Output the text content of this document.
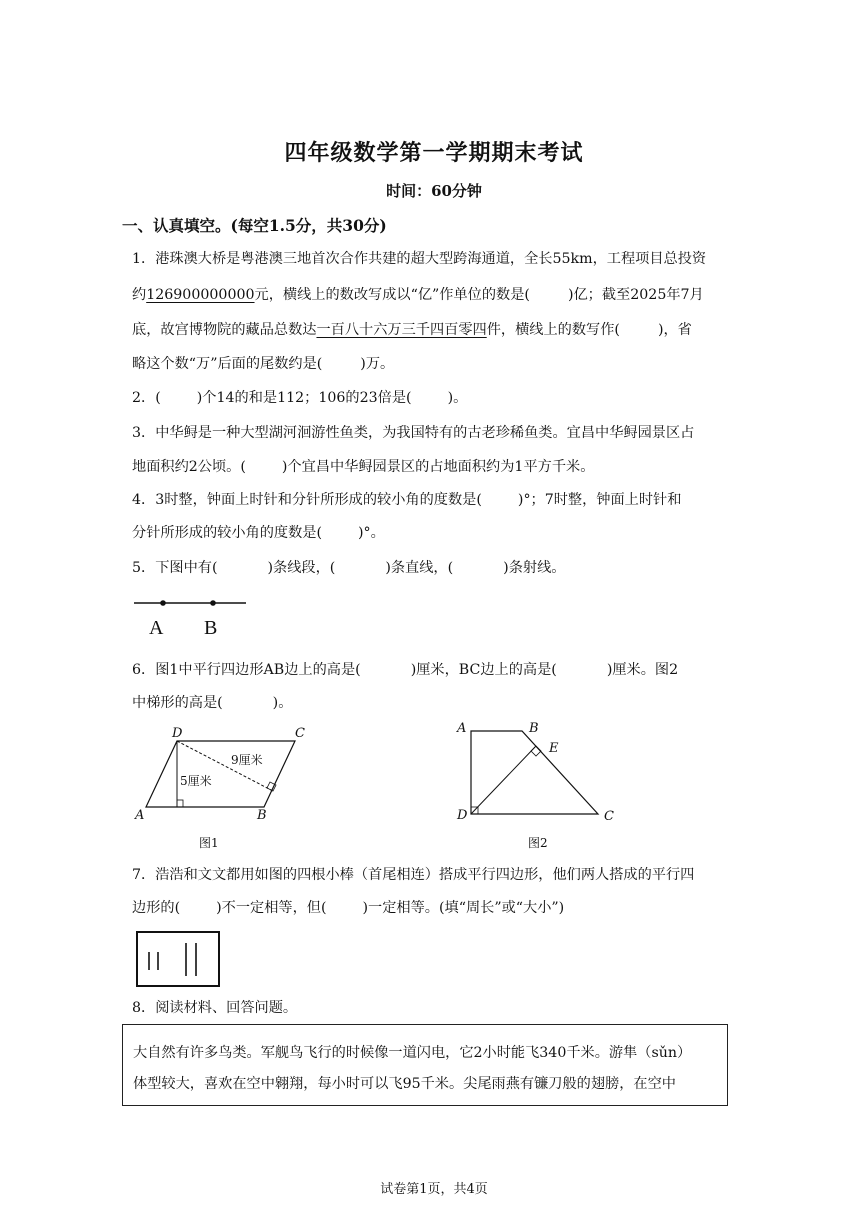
四年级数学第一学期期末考试
时间：60分钟
一、认真填空。(每空1.5分，共30分)
1．港珠澳大桥是粤港澳三地首次合作共建的超大型跨海通道，全长55km，工程项目总投资
约126900000000元，横线上的数改写成以“亿”作单位的数是(	)亿；截至2025年7月
底，故宫博物院的藏品总数达一百八十六万三千四百零四件，横线上的数写作(	)，省
略这个数“万”后面的尾数约是(	)万。
2．(	)个14的和是112；106的23倍是(	)。
3．中华鲟是一种大型湖河洄游性鱼类，为我国特有的古老珍稀鱼类。宜昌中华鲟园景区占
地面积约2公顷。(	)个宜昌中华鲟园景区的占地面积约为1平方千米。
4．3时整，钟面上时针和分针所形成的较小角的度数是(	)°；7时整，钟面上时针和
分针所形成的较小角的度数是(	)°。
5．下图中有(	)条线段，(	)条直线，(	)条射线。
A B
6．图1中平行四边形AB边上的高是(	)厘米，BC边上的高是(	)厘米。图2
中梯形的高是(	)。
D	C
A	B
9厘米
5厘米
图1
A	B
E
D	C
图2
7．浩浩和文文都用如图的四根小棒（首尾相连）搭成平行四边形，他们两人搭成的平行四
边形的(	)不一定相等，但(	)一定相等。(填“周长”或“大小”)
8．阅读材料、回答问题。
大自然有许多鸟类。军舰鸟飞行的时候像一道闪电，它2小时能飞340千米。游隼（sǔn）
体型较大，喜欢在空中翱翔，每小时可以飞95千米。尖尾雨燕有镰刀般的翅膀，在空中
试卷第1页，共4页
